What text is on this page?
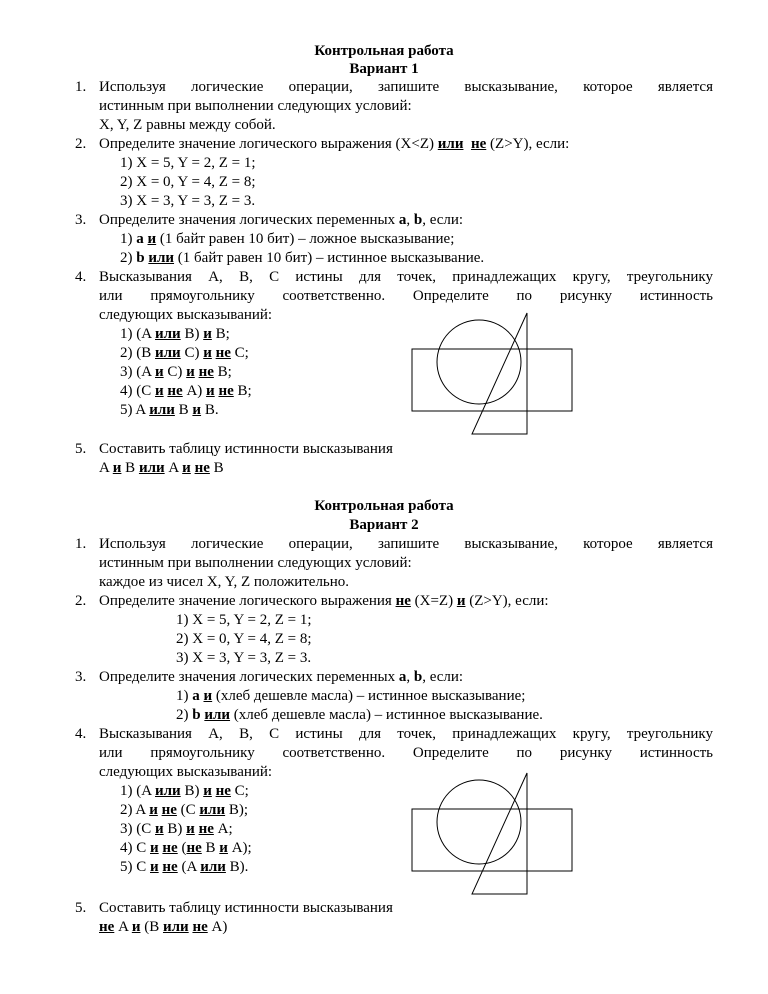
Контрольная работа
Вариант 1
1. Используя логические операции, запишите высказывание, которое является
истинным при выполнении следующих условий:
X, Y, Z равны между собой.
2. Определите значение логического выражения (X<Z) или не (Z>Y), если:
1) X = 5, Y = 2, Z = 1;
2) X = 0, Y = 4, Z = 8;
3) X = 3, Y = 3, Z = 3.
3. Определите значения логических переменных a, b, если:
1) a и (1 байт равен 10 бит) – ложное высказывание;
2) b или (1 байт равен 10 бит) – истинное высказывание.
4. Высказывания A, B, C истины для точек, принадлежащих кругу, треугольнику
или прямоугольнику соответственно. Определите по рисунку истинность
следующих высказываний:
1) (A или B) и B;
2) (B или C) и не C;
3) (A и C) и не B;
4) (C и не A) и не B;
5) A или B и B.
5. Составить таблицу истинности высказывания
A и B или A и не B
Контрольная работа
Вариант 2
1. Используя логические операции, запишите высказывание, которое является
истинным при выполнении следующих условий:
каждое из чисел X, Y, Z положительно.
2. Определите значение логического выражения не (X=Z) и (Z>Y), если:
1) X = 5, Y = 2, Z = 1;
2) X = 0, Y = 4, Z = 8;
3) X = 3, Y = 3, Z = 3.
3. Определите значения логических переменных a, b, если:
1) a и (хлеб дешевле масла) – истинное высказывание;
2) b или (хлеб дешевле масла) – истинное высказывание.
4. Высказывания A, B, C истины для точек, принадлежащих кругу, треугольнику
или прямоугольнику соответственно. Определите по рисунку истинность
следующих высказываний:
1) (A или B) и не C;
2) A и не (C или B);
3) (C и B) и не A;
4) C и не (не B и A);
5) C и не (A или B).
5. Составить таблицу истинности высказывания
не A и (B или не A)
